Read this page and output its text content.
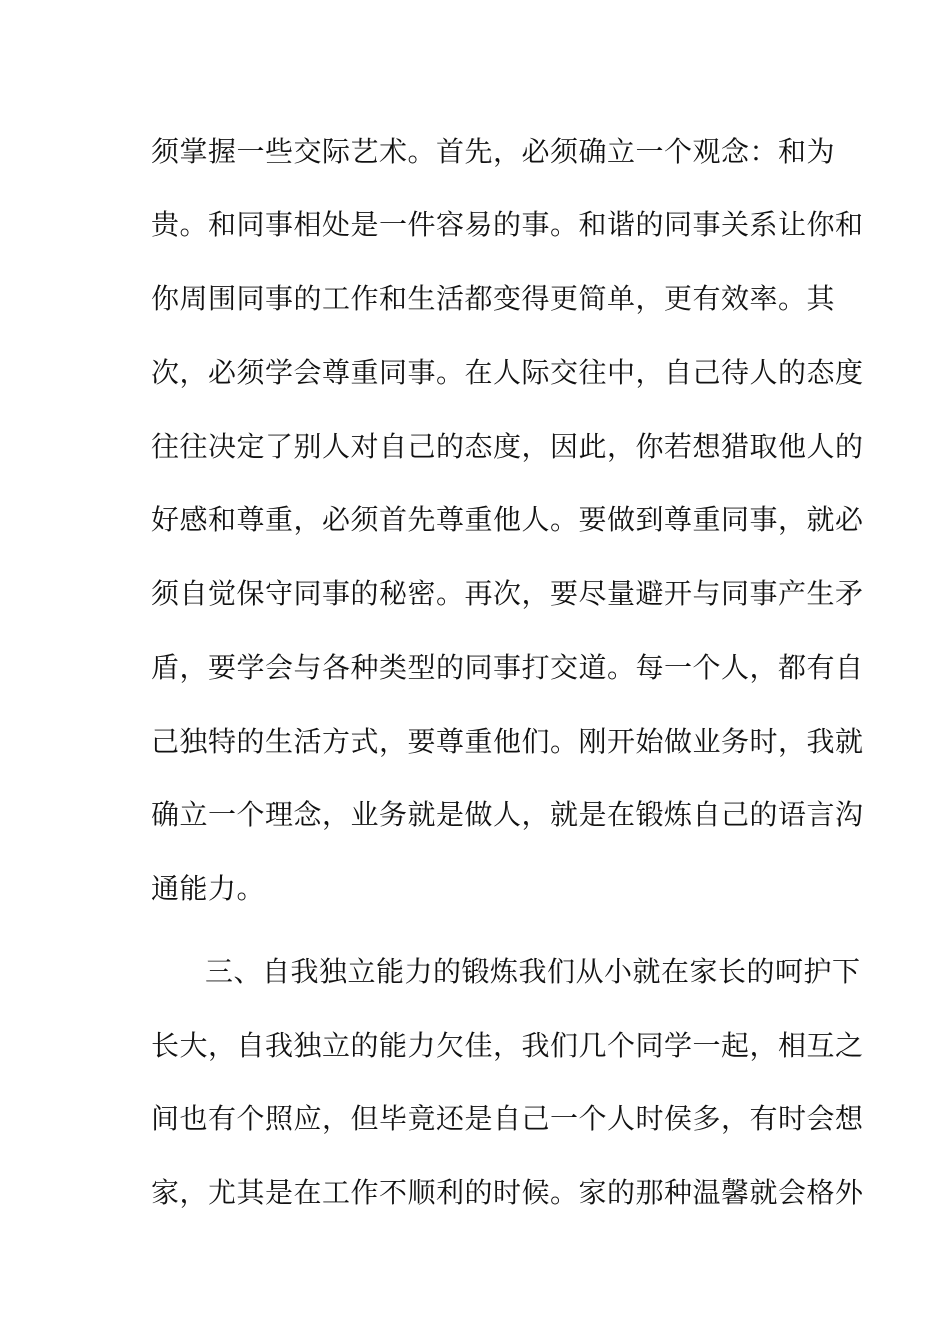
须掌握一些交际艺术。首先，必须确立一个观念：和为
贵。和同事相处是一件容易的事。和谐的同事关系让你和
你周围同事的工作和生活都变得更简单，更有效率。其
次，必须学会尊重同事。在人际交往中，自己待人的态度
往往决定了别人对自己的态度，因此，你若想猎取他人的
好感和尊重，必须首先尊重他人。要做到尊重同事，就必
须自觉保守同事的秘密。再次，要尽量避开与同事产生矛
盾，要学会与各种类型的同事打交道。每一个人，都有自
己独特的生活方式，要尊重他们。刚开始做业务时，我就
确立一个理念，业务就是做人，就是在锻炼自己的语言沟
通能力。
三、自我独立能力的锻炼我们从小就在家长的呵护下
长大，自我独立的能力欠佳，我们几个同学一起，相互之
间也有个照应，但毕竟还是自己一个人时侯多，有时会想
家，尤其是在工作不顺利的时候。家的那种温馨就会格外
